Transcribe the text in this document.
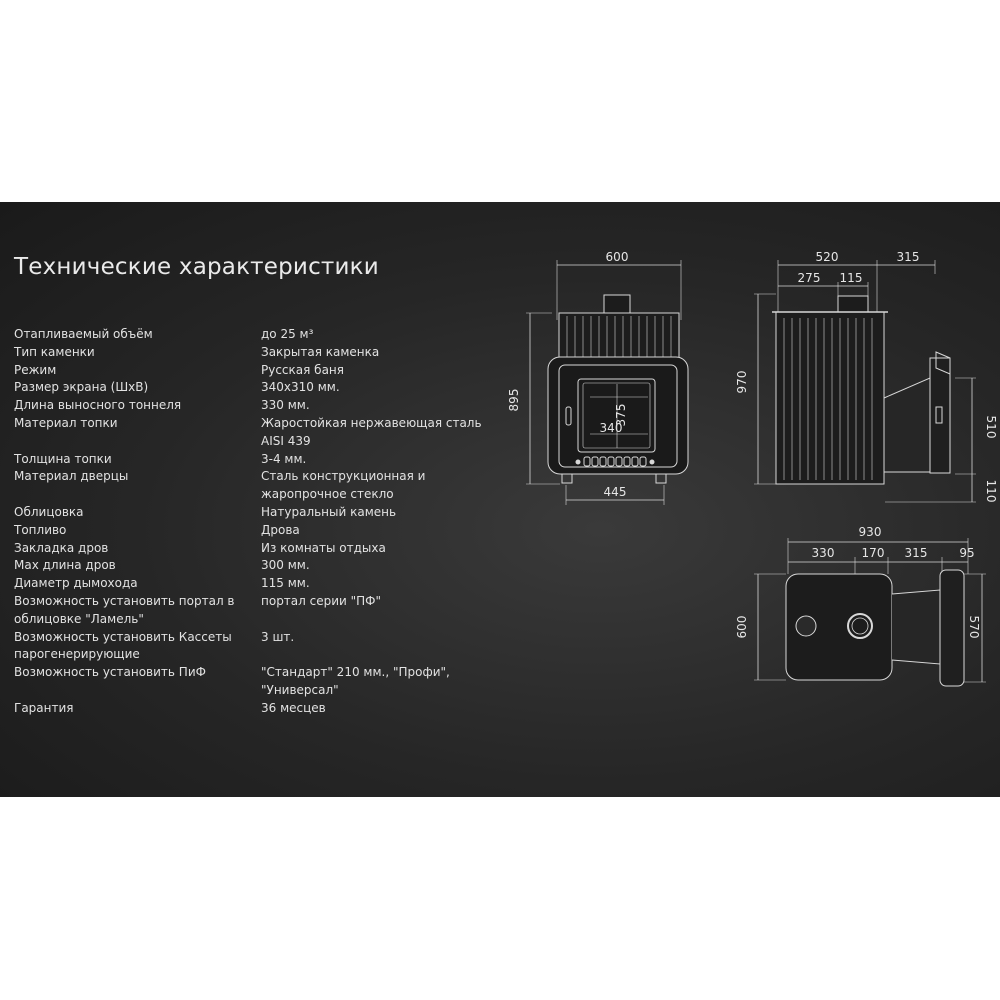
Технические характеристики
Отапливаемый объём	до 25 м³
Тип каменки	Закрытая каменка
Режим	Русская баня
Размер экрана (ШхВ)	340х310 мм.
Длина выносного тоннеля	330 мм.
Материал топки	Жаростойкая нержавеющая сталь
AISI 439
Толщина топки	3-4 мм.
Материал дверцы	Сталь конструкционная и
жаропрочное стекло
Облицовка	Натуральный камень
Топливо	Дрова
Закладка дров	Из комнаты отдыха
Мах длина дров	300 мм.
Диаметр дымохода	115 мм.
Возможность установить портал в	портал серии "ПФ"
облицовке "Ламель"
Возможность установить Кассеты	3 шт.
парогенерирующие
Возможность установить ПиФ	"Стандарт" 210 мм., "Профи",
"Универсал"
Гарантия	36 месцев
600
895
375
340
445
520
275 115
315
970
510
110
930
330 170 315	95
600	570
